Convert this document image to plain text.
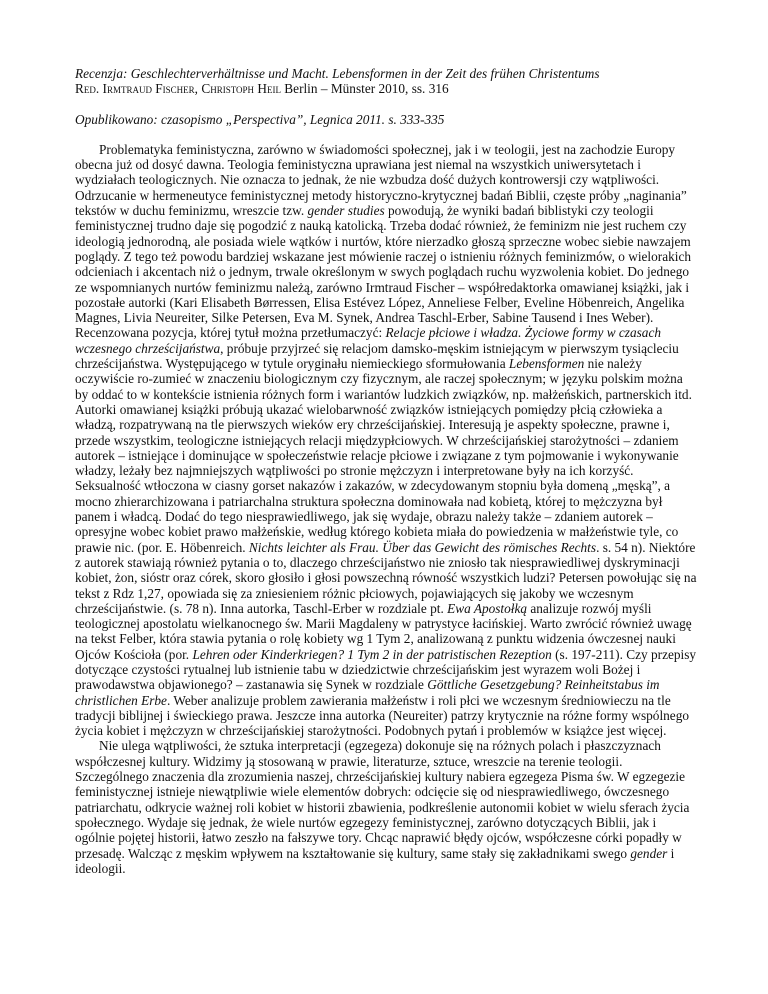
Recenzja: Geschlechterverhältnisse und Macht. Lebensformen in der Zeit des frühen Christentums

Red. Irmtraud Fischer, Christoph Heil Berlin – Münster 2010, ss. 316

Opublikowano: czasopismo „Perspectiva”, Legnica 2011. s. 333-335

Problematyka feministyczna, zarówno w świadomości społecznej, jak i w teologii, jest na zachodzie Europy obecna już od dosyć dawna. Teologia feministyczna uprawiana jest niemal na wszystkich uniwersytetach i wydziałach teologicznych. Nie oznacza to jednak, że nie wzbudza dość dużych kontrowersji czy wątpliwości. Odrzucanie w hermeneutyce feministycznej metody historyczno-krytycznej badań Biblii, częste próby „naginania” tekstów w duchu feminizmu, wreszcie tzw. gender studies powodują, że wyniki badań biblistyki czy teologii feministycznej trudno daje się pogodzić z nauką katolicką. Trzeba dodać również, że feminizm nie jest ruchem czy ideologią jednorodną, ale posiada wiele wątków i nurtów, które nierzadko głoszą sprzeczne wobec siebie nawzajem poglądy. Z tego też powodu bardziej wskazane jest mówienie raczej o istnieniu różnych feminizmów, o wielorakich odcieniach i akcentach niż o jednym, trwale określonym w swych poglądach ruchu wyzwolenia kobiet. Do jednego ze wspomnianych nurtów feminizmu należą, zarówno Irmtraud Fischer – współredaktorka omawianej książki, jak i pozostałe autorki (Kari Elisabeth Børressen, Elisa Estévez López, Anneliese Felber, Eveline Höbenreich, Angelika Magnes, Livia Neureiter, Silke Petersen, Eva M. Synek, Andrea Taschl-Erber, Sabine Tausend i Ines Weber). Recenzowana pozycja, której tytuł można przetłumaczyć: Relacje płciowe i władza. Życiowe formy w czasach wczesnego chrześcijaństwa, próbuje przyjrzeć się relacjom damsko-męskim istniejącym w pierwszym tysiącleciu chrześcijaństwa. Występującego w tytule oryginału niemieckiego sformułowania Lebensformen nie należy oczywiście ro-zumieć w znaczeniu biologicznym czy fizycznym, ale raczej społecznym; w języku polskim można by oddać to w kontekście istnienia różnych form i wariantów ludzkich związków, np. małżeńskich, partnerskich itd. Autorki omawianej książki próbują ukazać wielobarwność związków istniejących pomiędzy płcią człowieka a władzą, rozpatrywaną na tle pierwszych wieków ery chrześcijańskiej. Interesują je aspekty społeczne, prawne i, przede wszystkim, teologiczne istniejących relacji międzypłciowych. W chrześcijańskiej starożytności – zdaniem autorek – istniejące i dominujące w społeczeństwie relacje płciowe i związane z tym pojmowanie i wykonywanie władzy, leżały bez najmniejszych wątpliwości po stronie mężczyzn i interpretowane były na ich korzyść. Seksualność wtłoczona w ciasny gorset nakazów i zakazów, w zdecydowanym stopniu była domeną „męską”, a mocno zhierarchizowana i patriarchalna struktura społeczna dominowała nad kobietą, której to mężczyzna był panem i władcą. Dodać do tego niesprawiedliwego, jak się wydaje, obrazu należy także – zdaniem autorek – opresyjne wobec kobiet prawo małżeńskie, według którego kobieta miała do powiedzenia w małżeństwie tyle, co prawie nic. (por. E. Höbenreich. Nichts leichter als Frau. Über das Gewicht des römisches Rechts. s. 54 n). Niektóre z autorek stawiają również pytania o to, dlaczego chrześcijaństwo nie zniosło tak niesprawiedliwej dyskryminacji kobiet, żon, sióstr oraz córek, skoro głosiło i głosi powszechną równość wszystkich ludzi? Petersen powołując się na tekst z Rdz 1,27, opowiada się za zniesieniem różnic płciowych, pojawiających się jakoby we wczesnym chrześcijaństwie. (s. 78 n). Inna autorka, Taschl-Erber w rozdziale pt. Ewa Apostołką analizuje rozwój myśli teologicznej apostolatu wielkanocnego św. Marii Magdaleny w patrystyce łacińskiej. Warto zwrócić również uwagę na tekst Felber, która stawia pytania o rolę kobiety wg 1 Tym 2, analizowaną z punktu widzenia ówczesnej nauki Ojców Kościoła (por. Lehren oder Kinderkriegen? 1 Tym 2 in der patristischen Rezeption (s. 197-211). Czy przepisy dotyczące czystości rytualnej lub istnienie tabu w dziedzictwie chrześcijańskim jest wyrazem woli Bożej i prawodawstwa objawionego? – zastanawia się Synek w rozdziale Göttliche Gesetzgebung? Reinheitstabus im christlichen Erbe. Weber analizuje problem zawierania małżeństw i roli płci we wczesnym średniowieczu na tle tradycji biblijnej i świeckiego prawa. Jeszcze inna autorka (Neureiter) patrzy krytycznie na różne formy wspólnego życia kobiet i mężczyzn w chrześcijańskiej starożytności. Podobnych pytań i problemów w książce jest więcej.

Nie ulega wątpliwości, że sztuka interpretacji (egzegeza) dokonuje się na różnych polach i płaszczyznach współczesnej kultury. Widzimy ją stosowaną w prawie, literaturze, sztuce, wreszcie na terenie teologii. Szczególnego znaczenia dla zrozumienia naszej, chrześcijańskiej kultury nabiera egzegeza Pisma św. W egzegezie feministycznej istnieje niewątpliwie wiele elementów dobrych: odcięcie się od niesprawiedliwego, ówczesnego patriarchatu, odkrycie ważnej roli kobiet w historii zbawienia, podkreślenie autonomii kobiet w wielu sferach życia społecznego. Wydaje się jednak, że wiele nurtów egzegezy feministycznej, zarówno dotyczących Biblii, jak i ogólnie pojętej historii, łatwo zeszło na fałszywe tory. Chcąc naprawić błędy ojców, współczesne córki popadły w przesadę. Walcząc z męskim wpływem na kształtowanie się kultury, same stały się zakładnikami swego gender i ideologii.
